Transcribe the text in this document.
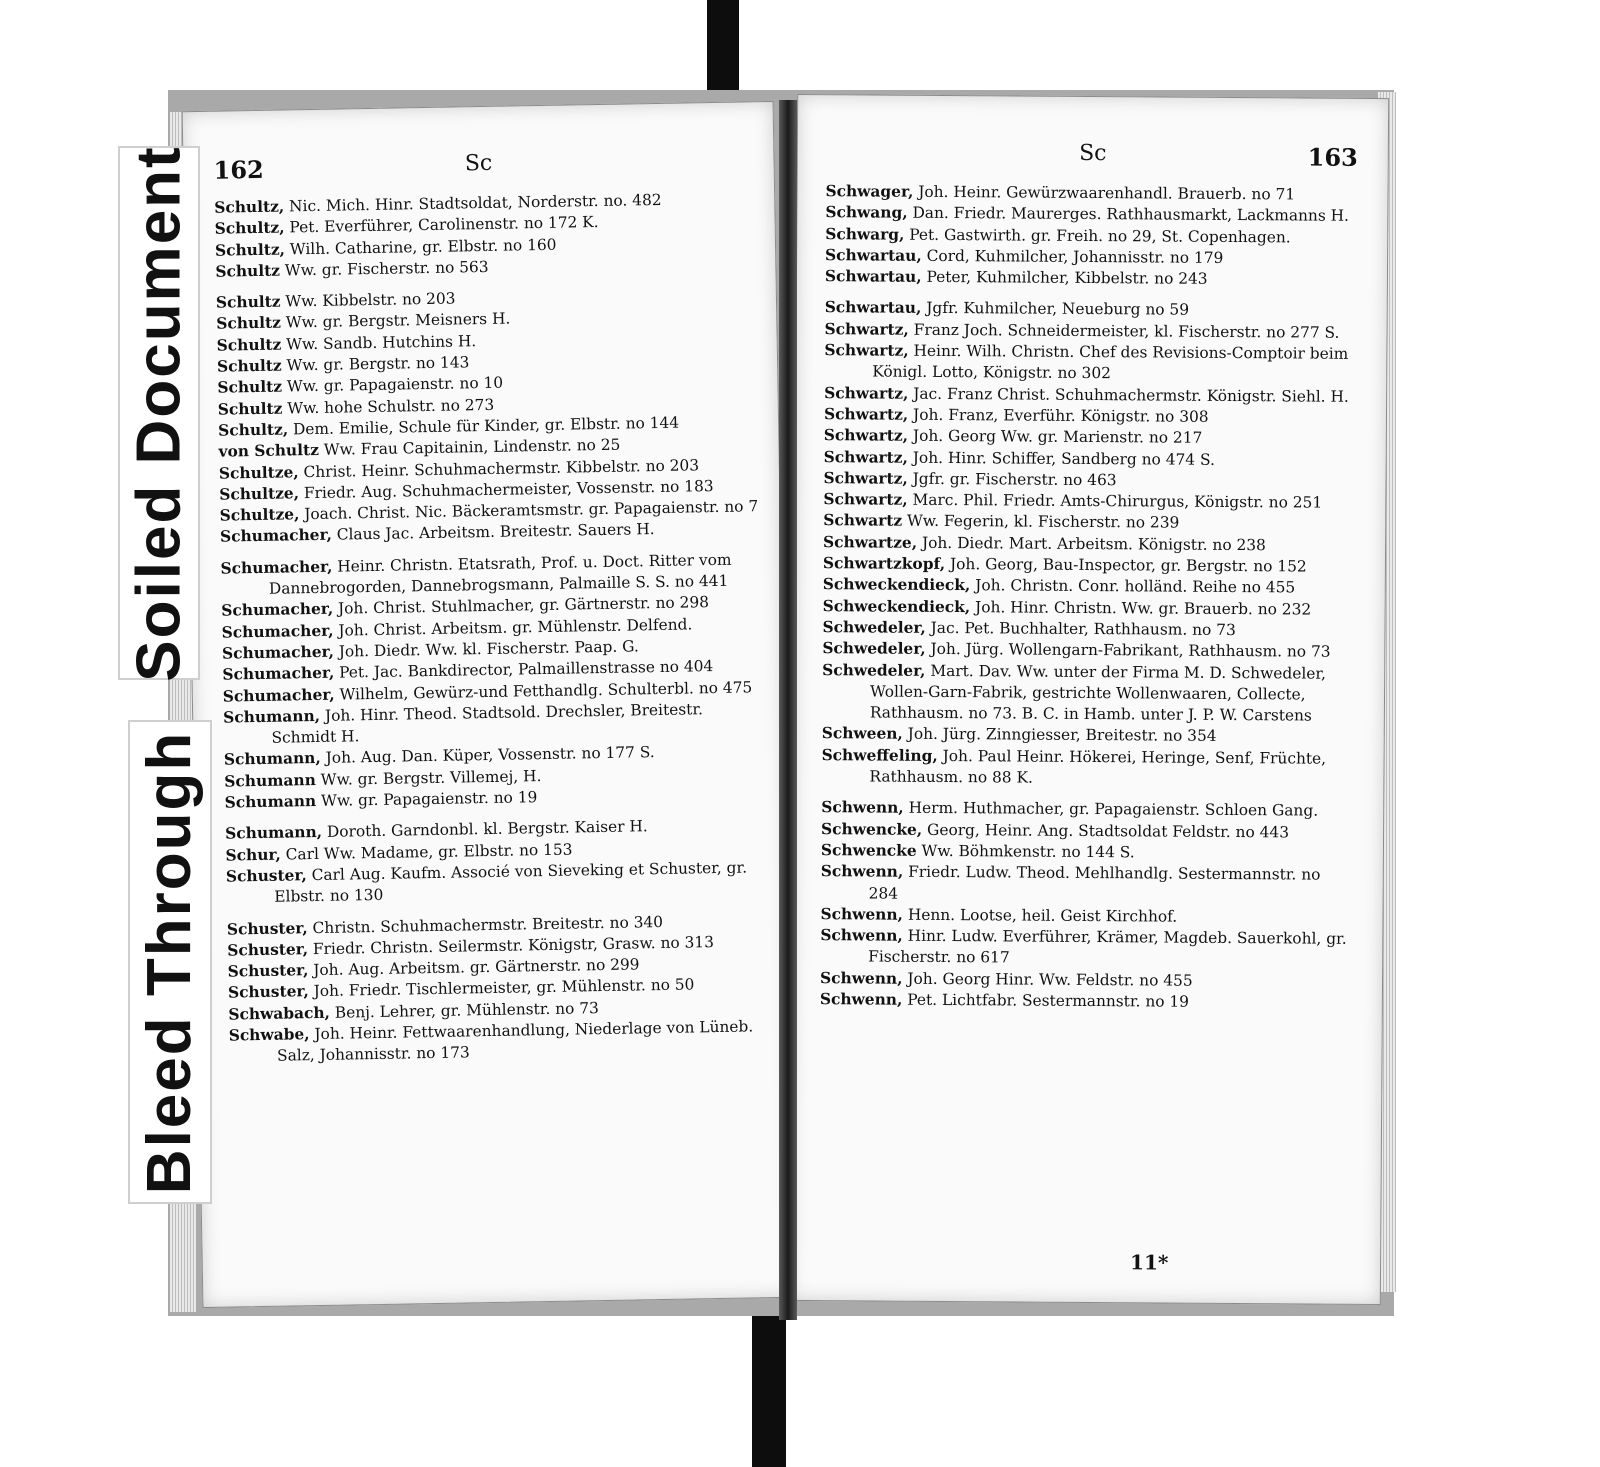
162	Sc

Schultz, Nic. Mich. Hinr. Stadtsoldat, Norderstr. no. 482

Schultz, Pet. Everführer, Carolinenstr. no 172 K.

Schultz, Wilh. Catharine, gr. Elbstr. no 160

Schultz Ww. gr. Fischerstr. no 563

Schultz Ww. Kibbelstr. no 203

Schultz Ww. gr. Bergstr. Meisners H.

Schultz Ww. Sandb. Hutchins H.

Schultz Ww. gr. Bergstr. no 143

Schultz Ww. gr. Papagaienstr. no 10

Schultz Ww. hohe Schulstr. no 273

Schultz, Dem. Emilie, Schule für Kinder, gr. Elbstr. no 144

von Schultz Ww. Frau Capitainin, Lindenstr. no 25

Schultze, Christ. Heinr. Schuhmachermstr. Kibbelstr. no 203

Schultze, Friedr. Aug. Schuhmachermeister, Vossenstr. no 183

Schultze, Joach. Christ. Nic. Bäckeramtsmstr. gr. Papagaienstr. no 7

Schumacher, Claus Jac. Arbeitsm. Breitestr. Sauers H.

Schumacher, Heinr. Christn. Etatsrath, Prof. u. Doct. Ritter vom Dannebrogorden, Dannebrogsmann, Palmaille S. S. no 441

Schumacher, Joh. Christ. Stuhlmacher, gr. Gärtnerstr. no 298

Schumacher, Joh. Christ. Arbeitsm. gr. Mühlenstr. Delfend.

Schumacher, Joh. Diedr. Ww. kl. Fischerstr. Paap. G.

Schumacher, Pet. Jac. Bankdirector, Palmaillenstrasse no 404

Schumacher, Wilhelm, Gewürz-und Fetthandlg. Schulterbl. no 475

Schumann, Joh. Hinr. Theod. Stadtsold. Drechsler, Breitestr. Schmidt H.

Schumann, Joh. Aug. Dan. Küper, Vossenstr. no 177 S.

Schumann Ww. gr. Bergstr. Villemej, H.

Schumann Ww. gr. Papagaienstr. no 19

Schumann, Doroth. Garndonbl. kl. Bergstr. Kaiser H.

Schur, Carl Ww. Madame, gr. Elbstr. no 153

Schuster, Carl Aug. Kaufm. Associé von Sieveking et Schuster, gr. Elbstr. no 130

Schuster, Christn. Schuhmachermstr. Breitestr. no 340

Schuster, Friedr. Christn. Seilermstr. Königstr, Grasw. no 313

Schuster, Joh. Aug. Arbeitsm. gr. Gärtnerstr. no 299

Schuster, Joh. Friedr. Tischlermeister, gr. Mühlenstr. no 50

Schwabach, Benj. Lehrer, gr. Mühlenstr. no 73

Schwabe, Joh. Heinr. Fettwaarenhandlung, Niederlage von Lüneb. Salz, Johannisstr. no 173

Sc	163

Schwager, Joh. Heinr. Gewürzwaarenhandl. Brauerb. no 71

Schwang, Dan. Friedr. Maurerges. Rathhausmarkt, Lackmanns H.

Schwarg, Pet. Gastwirth. gr. Freih. no 29, St. Copenhagen.

Schwartau, Cord, Kuhmilcher, Johannisstr. no 179

Schwartau, Peter, Kuhmilcher, Kibbelstr. no 243

Schwartau, Jgfr. Kuhmilcher, Neueburg no 59

Schwartz, Franz Joch. Schneidermeister, kl. Fischerstr. no 277 S.

Schwartz, Heinr. Wilh. Christn. Chef des Revisions-Comptoir beim Königl. Lotto, Königstr. no 302

Schwartz, Jac. Franz Christ. Schuhmachermstr. Königstr. Siehl. H.

Schwartz, Joh. Franz, Everführ. Königstr. no 308

Schwartz, Joh. Georg Ww. gr. Marienstr. no 217

Schwartz, Joh. Hinr. Schiffer, Sandberg no 474 S.

Schwartz, Jgfr. gr. Fischerstr. no 463

Schwartz, Marc. Phil. Friedr. Amts-Chirurgus, Königstr. no 251

Schwartz Ww. Fegerin, kl. Fischerstr. no 239

Schwartze, Joh. Diedr. Mart. Arbeitsm. Königstr. no 238

Schwartzkopf, Joh. Georg, Bau-Inspector, gr. Bergstr. no 152

Schweckendieck, Joh. Christn. Conr. holländ. Reihe no 455

Schweckendieck, Joh. Hinr. Christn. Ww. gr. Brauerb. no 232

Schwedeler, Jac. Pet. Buchhalter, Rathhausm. no 73

Schwedeler, Joh. Jürg. Wollengarn-Fabrikant, Rathhausm. no 73

Schwedeler, Mart. Dav. Ww. unter der Firma M. D. Schwedeler, Wollen-Garn-Fabrik, gestrichte Wollenwaaren, Collecte, Rathhausm. no 73. B. C. in Hamb. unter J. P. W. Carstens

Schween, Joh. Jürg. Zinngiesser, Breitestr. no 354

Schweffeling, Joh. Paul Heinr. Hökerei, Heringe, Senf, Früchte, Rathhausm. no 88 K.

Schwenn, Herm. Huthmacher, gr. Papagaienstr. Schloen Gang.

Schwencke, Georg, Heinr. Ang. Stadtsoldat Feldstr. no 443

Schwencke Ww. Böhmkenstr. no 144 S.

Schwenn, Friedr. Ludw. Theod. Mehlhandlg. Sestermannstr. no 284

Schwenn, Henn. Lootse, heil. Geist Kirchhof.

Schwenn, Hinr. Ludw. Everführer, Krämer, Magdeb. Sauerkohl, gr. Fischerstr. no 617

Schwenn, Joh. Georg Hinr. Ww. Feldstr. no 455

Schwenn, Pet. Lichtfabr. Sestermannstr. no 19

11*
Soiled Document
Bleed Through
